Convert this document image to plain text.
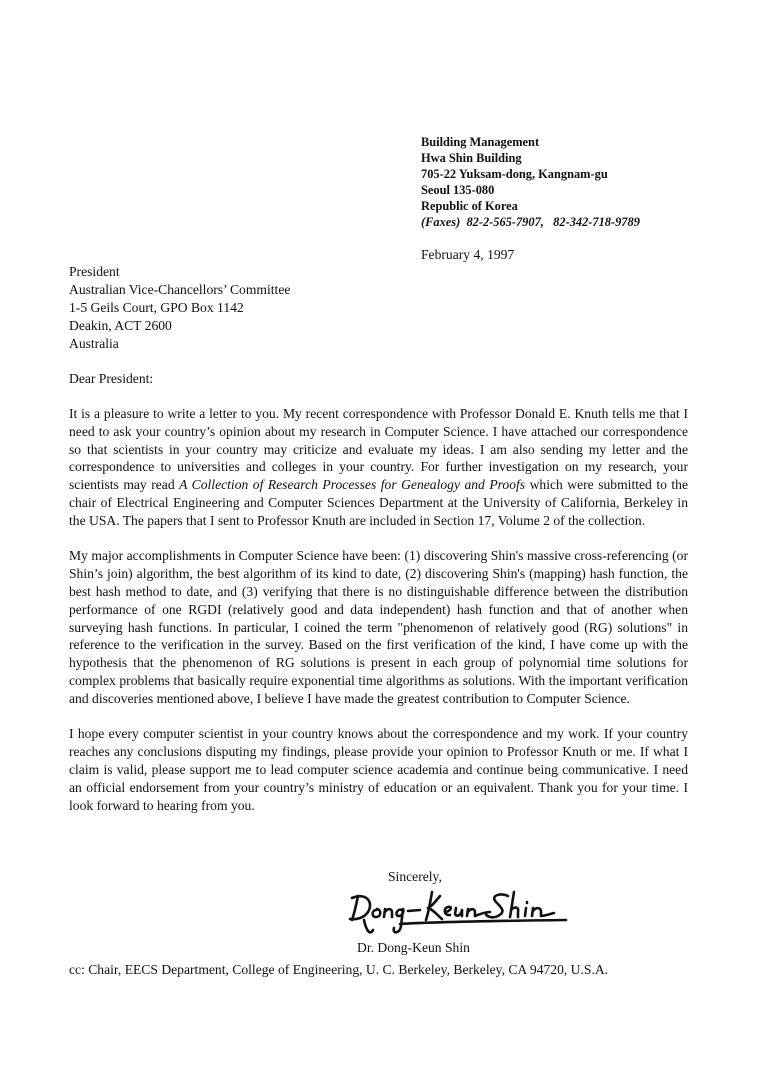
Building Management
Hwa Shin Building
705-22 Yuksam-dong, Kangnam-gu
Seoul 135-080
Republic of Korea
(Faxes) 82-2-565-7907, 82-342-718-9789
February 4, 1997
President
Australian Vice-Chancellors’ Committee
1-5 Geils Court, GPO Box 1142
Deakin, ACT 2600
Australia
Dear President:

It is a pleasure to write a letter to you. My recent correspondence with Professor Donald E. Knuth tells me that I need to ask your country’s opinion about my research in Computer Science. I have attached our correspondence so that scientists in your country may criticize and evaluate my ideas. I am also sending my letter and the correspondence to universities and colleges in your country. For further investigation on my research, your scientists may read A Collection of Research Processes for Genealogy and Proofs which were submitted to the chair of Electrical Engineering and Computer Sciences Department at the University of California, Berkeley in the USA. The papers that I sent to Professor Knuth are included in Section 17, Volume 2 of the collection.

My major accomplishments in Computer Science have been: (1) discovering Shin's massive cross-referencing (or Shin’s join) algorithm, the best algorithm of its kind to date, (2) discovering Shin's (mapping) hash function, the best hash method to date, and (3) verifying that there is no distinguishable difference between the distribution performance of one RGDI (relatively good and data independent) hash function and that of another when surveying hash functions. In particular, I coined the term "phenomenon of relatively good (RG) solutions" in reference to the verification in the survey. Based on the first verification of the kind, I have come up with the hypothesis that the phenomenon of RG solutions is present in each group of polynomial time solutions for complex problems that basically require exponential time algorithms as solutions. With the important verification and discoveries mentioned above, I believe I have made the greatest contribution to Computer Science.

I hope every computer scientist in your country knows about the correspondence and my work. If your country reaches any conclusions disputing my findings, please provide your opinion to Professor Knuth or me. If what I claim is valid, please support me to lead computer science academia and continue being communicative. I need an official endorsement from your country’s ministry of education or an equivalent. Thank you for your time. I look forward to hearing from you.

Sincerely,
Dr. Dong-Keun Shin
cc: Chair, EECS Department, College of Engineering, U. C. Berkeley, Berkeley, CA 94720, U.S.A.
